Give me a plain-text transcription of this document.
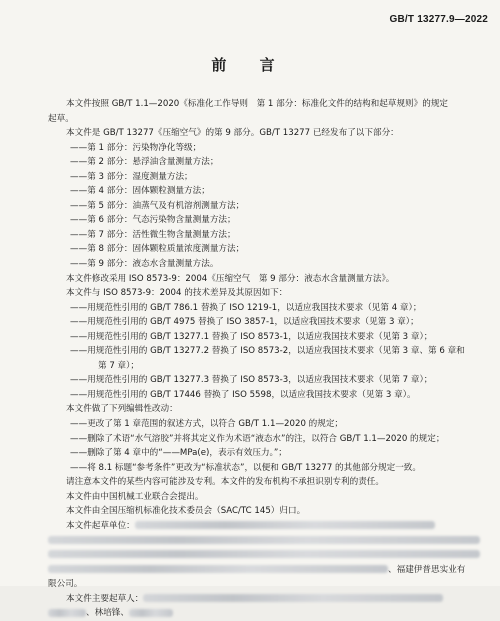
GB/T 13277.9—2022
前 言
本文件按照 GB/T 1.1—2020《标准化工作导则　第 1 部分：标准化文件的结构和起草规则》的规定
起草。
本文件是 GB/T 13277《压缩空气》的第 9 部分。GB/T 13277 已经发布了以下部分：
——第 1 部分：污染物净化等级；
——第 2 部分：悬浮油含量测量方法；
——第 3 部分：湿度测量方法；
——第 4 部分：固体颗粒测量方法；
——第 5 部分：油蒸气及有机溶剂测量方法；
——第 6 部分：气态污染物含量测量方法；
——第 7 部分：活性微生物含量测量方法；
——第 8 部分：固体颗粒质量浓度测量方法；
——第 9 部分：液态水含量测量方法。
本文件修改采用 ISO 8573-9：2004《压缩空气　第 9 部分：液态水含量测量方法》。
本文件与 ISO 8573-9：2004 的技术差异及其原因如下：
——用规范性引用的 GB/T 786.1 替换了 ISO 1219-1，以适应我国技术要求（见第 4 章）；
——用规范性引用的 GB/T 4975 替换了 ISO 3857-1，以适应我国技术要求（见第 3 章）；
——用规范性引用的 GB/T 13277.1 替换了 ISO 8573-1，以适应我国技术要求（见第 3 章）；
——用规范性引用的 GB/T 13277.2 替换了 ISO 8573-2，以适应我国技术要求（见第 3 章、第 6 章和
第 7 章）；
——用规范性引用的 GB/T 13277.3 替换了 ISO 8573-3，以适应我国技术要求（见第 7 章）；
——用规范性引用的 GB/T 17446 替换了 ISO 5598，以适应我国技术要求（见第 3 章）。
本文件做了下列编辑性改动：
——更改了第 1 章范围的叙述方式，以符合 GB/T 1.1—2020 的规定；
——删除了术语“水气溶胶”并将其定义作为术语“液态水”的注，以符合 GB/T 1.1—2020 的规定；
——删除了第 4 章中的“——MPa(e)，表示有效压力。”；
——将 8.1 标题“参考条件”更改为“标准状态”，以便和 GB/T 13277 的其他部分规定一致。
请注意本文件的某些内容可能涉及专利。本文件的发布机构不承担识别专利的责任。
本文件由中国机械工业联合会提出。
本文件由全国压缩机标准化技术委员会（SAC/TC 145）归口。
本文件起草单位：
、福建伊普思实业有
限公司。
本文件主要起草人：
、林培锋、
